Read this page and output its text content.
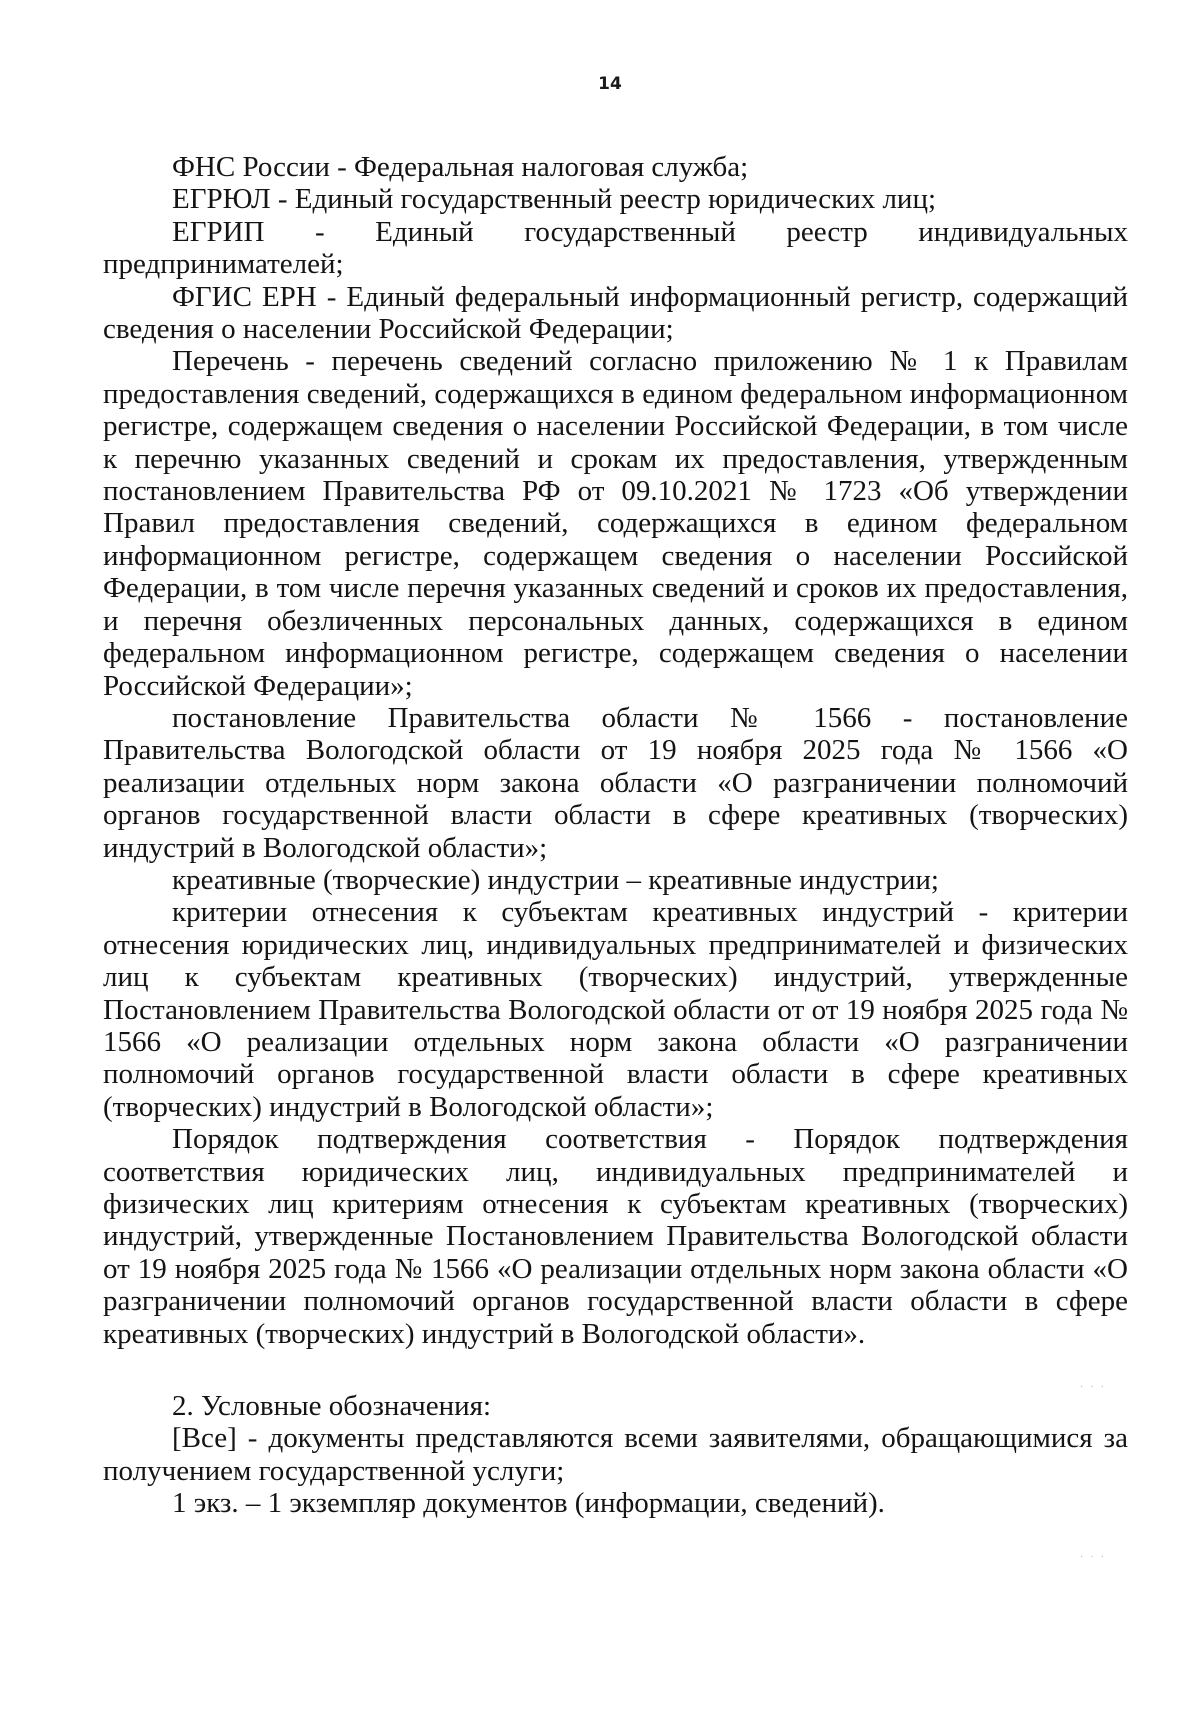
14

ФНС России - Федеральная налоговая служба;

ЕГРЮЛ - Единый государственный реестр юридических лиц;

ЕГРИП - Единый государственный реестр индивидуальных предпринимателей;

ФГИС ЕРН - Единый федеральный информационный регистр, содержащий сведения о населении Российской Федерации;

Перечень - перечень сведений согласно приложению № 1 к Правилам предоставления сведений, содержащихся в едином федеральном информационном регистре, содержащем сведения о населении Российской Федерации, в том числе к перечню указанных сведений и срокам их предоставления, утвержденным постановлением Правительства РФ от 09.10.2021 № 1723 «Об утверждении Правил предоставления сведений, содержащихся в едином федеральном информационном регистре, содержащем сведения о населении Российской Федерации, в том числе перечня указанных сведений и сроков их предоставления, и перечня обезличенных персональных данных, содержащихся в едином федеральном информационном регистре, содержащем сведения о населении Российской Федерации»;

постановление Правительства области № 1566 - постановление Правительства Вологодской области от 19 ноября 2025 года № 1566 «О реализации отдельных норм закона области «О разграничении полномочий органов государственной власти области в сфере креативных (творческих) индустрий в Вологодской области»;

креативные (творческие) индустрии – креативные индустрии;

критерии отнесения к субъектам креативных индустрий - критерии отнесения юридических лиц, индивидуальных предпринимателей и физических лиц к субъектам креативных (творческих) индустрий, утвержденные Постановлением Правительства Вологодской области от от 19 ноября 2025 года № 1566 «О реализации отдельных норм закона области «О разграничении полномочий органов государственной власти области в сфере креативных (творческих) индустрий в Вологодской области»;

Порядок подтверждения соответствия - Порядок подтверждения соответствия юридических лиц, индивидуальных предпринимателей и физических лиц критериям отнесения к субъектам креативных (творческих) индустрий, утвержденные Постановлением Правительства Вологодской области от 19 ноября 2025 года № 1566 «О реализации отдельных норм закона области «О разграничении полномочий органов государственной власти области в сфере креативных (творческих) индустрий в Вологодской области».

2. Условные обозначения:

[Все] - документы представляются всеми заявителями, обращающимися за получением государственной услуги;

1 экз. – 1 экземпляр документов (информации, сведений).

· · ·
· · ·
